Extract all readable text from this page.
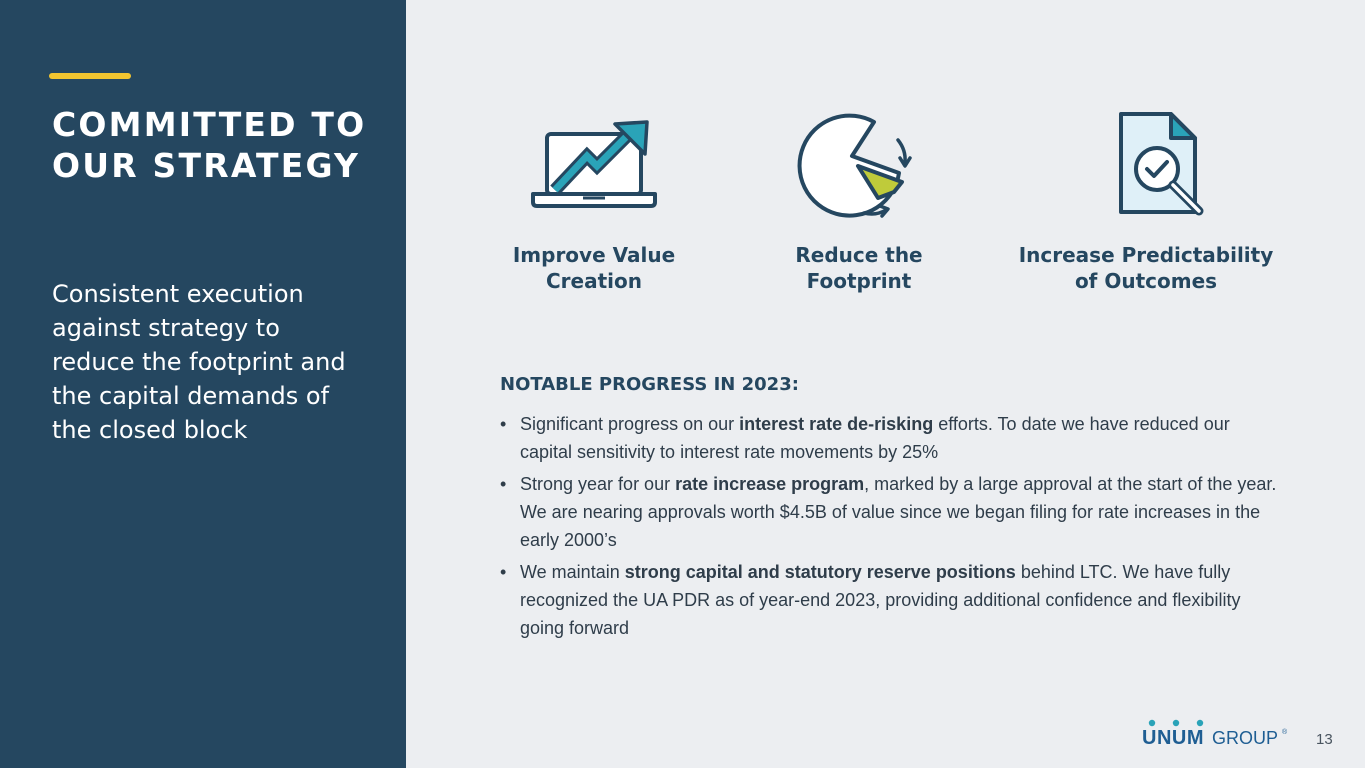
COMMITTED TO
OUR STRATEGY
Consistent execution
against strategy to
reduce the footprint and
the capital demands of
the closed block
Improve Value
Creation
Reduce the
Footprint
Increase Predictability
of Outcomes
NOTABLE PROGRESS IN 2023:
• Significant progress on our interest rate de-risking efforts. To date we have reduced our capital sensitivity to interest rate movements by 25%
• Strong year for our rate increase program, marked by a large approval at the start of the year. We are nearing approvals worth $4.5B of value since we began filing for rate increases in the early 2000’s
• We maintain strong capital and statutory reserve positions behind LTC. We have fully recognized the UA PDR as of year-end 2023, providing additional confidence and flexibility going forward
UNUM GROUP ® 13
